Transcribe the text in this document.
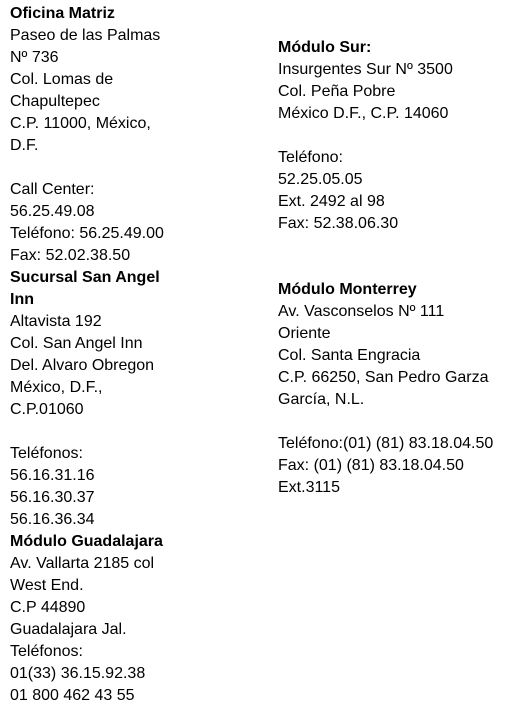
Oficina Matriz
Paseo de las Palmas
Nº 736
Col. Lomas de
Chapultepec
C.P. 11000, México,
D.F.
Call Center:
56.25.49.08
Teléfono: 56.25.49.00
Fax: 52.02.38.50
Sucursal San Angel
Inn
Altavista 192
Col. San Angel Inn
Del. Alvaro Obregon
México, D.F.,
C.P.01060
Teléfonos:
56.16.31.16
56.16.30.37
56.16.36.34
Módulo Guadalajara
Av. Vallarta 2185 col
West End.
C.P 44890
Guadalajara Jal.
Teléfonos:
01(33) 36.15.92.38
01 800 462 43 55
Módulo Sur:
Insurgentes Sur Nº 3500
Col. Peña Pobre
México D.F., C.P. 14060
Teléfono:
52.25.05.05
Ext. 2492 al 98
Fax: 52.38.06.30
Módulo Monterrey
Av. Vasconselos Nº 111
Oriente
Col. Santa Engracia
C.P. 66250, San Pedro Garza
García, N.L.
Teléfono:(01) (81) 83.18.04.50
Fax: (01) (81) 83.18.04.50
Ext.3115
